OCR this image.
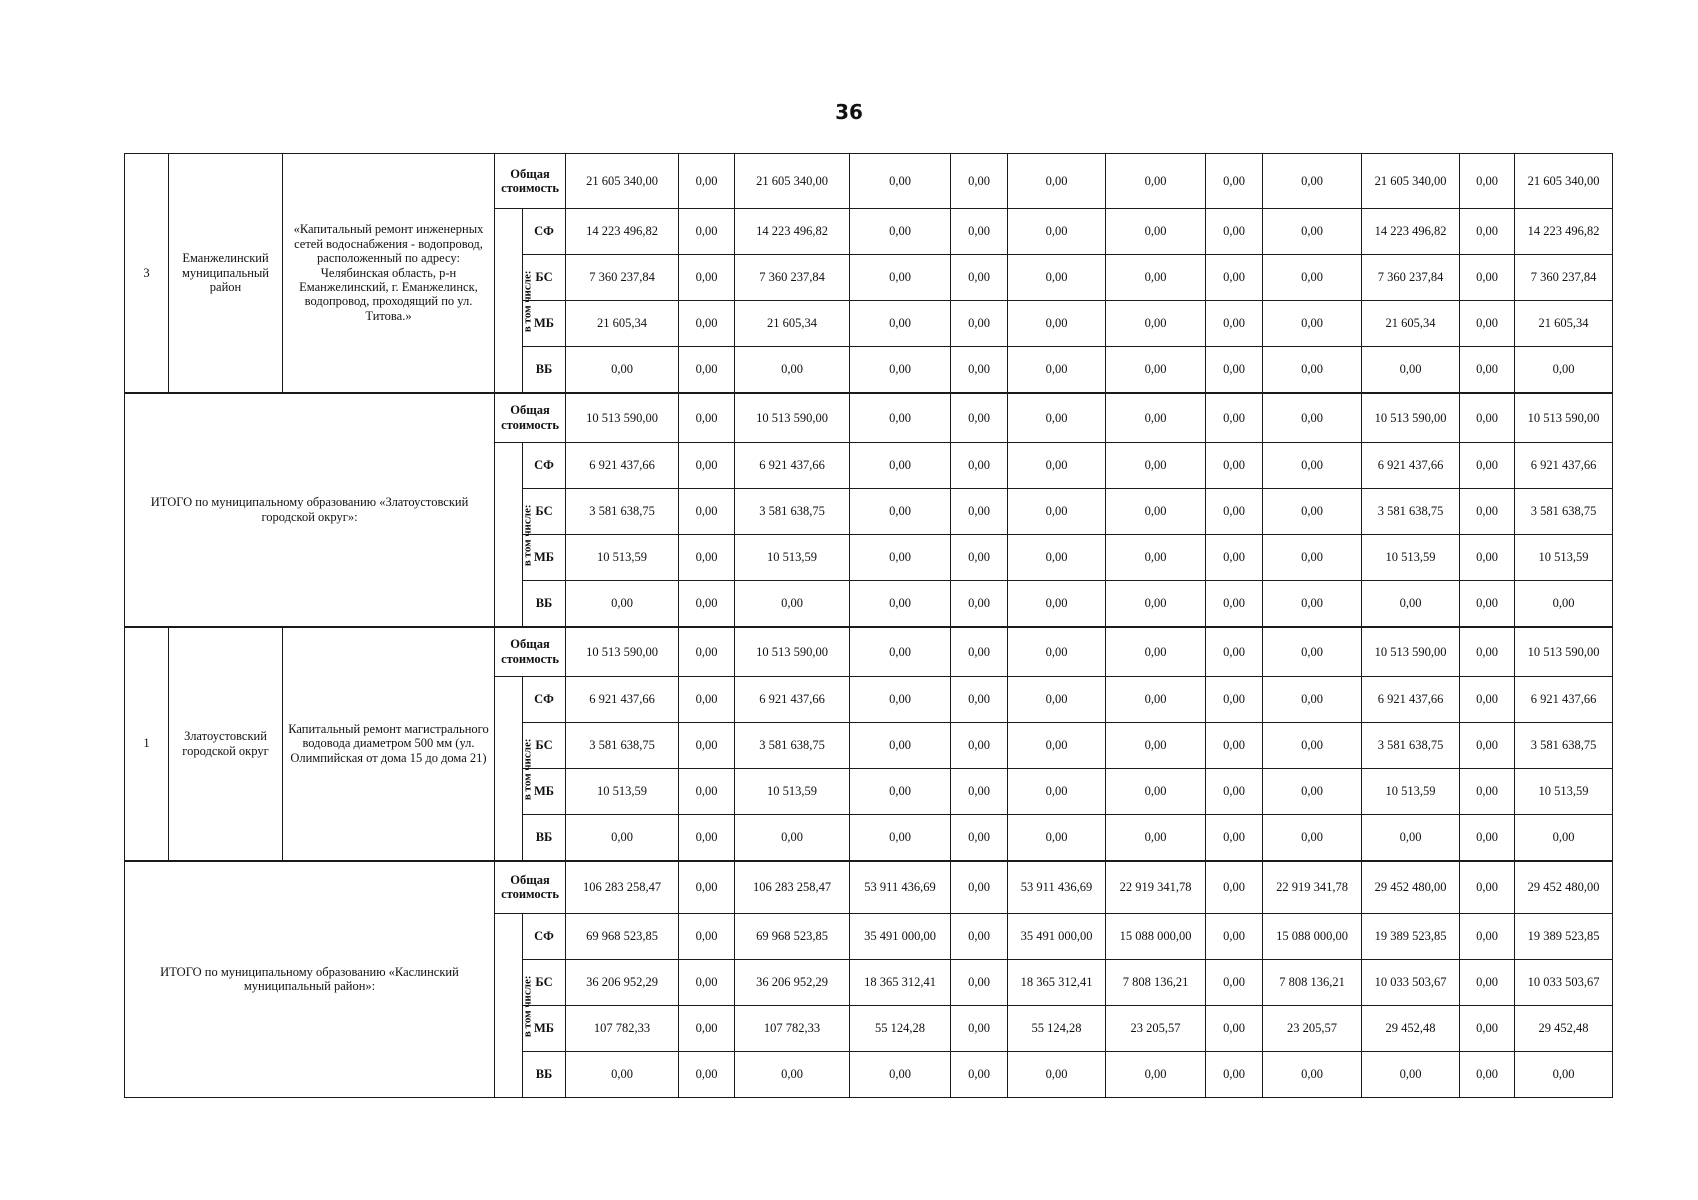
36
3	Еманжелинский муниципальный район	«Капитальный ремонт инженерных сетей водоснабжения - водопровод, расположенный по адресу: Челябинская область, р-н Еманжелинский, г. Еманжелинск, водопровод, проходящий по ул. Титова.»	Общая стоимость		21 605 340,00	0,00	21 605 340,00	0,00	0,00	0,00	0,00	0,00	0,00	21 605 340,00	0,00	21 605 340,00
			в том числе:	СФ	14 223 496,82	0,00	14 223 496,82	0,00	0,00	0,00	0,00	0,00	0,00	14 223 496,82	0,00	14 223 496,82
				БС	7 360 237,84	0,00	7 360 237,84	0,00	0,00	0,00	0,00	0,00	0,00	7 360 237,84	0,00	7 360 237,84
				МБ	21 605,34	0,00	21 605,34	0,00	0,00	0,00	0,00	0,00	0,00	21 605,34	0,00	21 605,34
				ВБ	0,00	0,00	0,00	0,00	0,00	0,00	0,00	0,00	0,00	0,00	0,00	0,00
ИТОГО по муниципальному образованию «Златоустовский городской округ»:			Общая стоимость		10 513 590,00	0,00	10 513 590,00	0,00	0,00	0,00	0,00	0,00	0,00	10 513 590,00	0,00	10 513 590,00
			в том числе:	СФ	6 921 437,66	0,00	6 921 437,66	0,00	0,00	0,00	0,00	0,00	0,00	6 921 437,66	0,00	6 921 437,66
				БС	3 581 638,75	0,00	3 581 638,75	0,00	0,00	0,00	0,00	0,00	0,00	3 581 638,75	0,00	3 581 638,75
				МБ	10 513,59	0,00	10 513,59	0,00	0,00	0,00	0,00	0,00	0,00	10 513,59	0,00	10 513,59
				ВБ	0,00	0,00	0,00	0,00	0,00	0,00	0,00	0,00	0,00	0,00	0,00	0,00
1	Златоустовский городской округ	Капитальный ремонт магистрального водовода диаметром 500 мм (ул. Олимпийская от дома 15 до дома 21)	Общая стоимость		10 513 590,00	0,00	10 513 590,00	0,00	0,00	0,00	0,00	0,00	0,00	10 513 590,00	0,00	10 513 590,00
			в том числе:	СФ	6 921 437,66	0,00	6 921 437,66	0,00	0,00	0,00	0,00	0,00	0,00	6 921 437,66	0,00	6 921 437,66
				БС	3 581 638,75	0,00	3 581 638,75	0,00	0,00	0,00	0,00	0,00	0,00	3 581 638,75	0,00	3 581 638,75
				МБ	10 513,59	0,00	10 513,59	0,00	0,00	0,00	0,00	0,00	0,00	10 513,59	0,00	10 513,59
				ВБ	0,00	0,00	0,00	0,00	0,00	0,00	0,00	0,00	0,00	0,00	0,00	0,00
ИТОГО по муниципальному образованию «Каслинский муниципальный район»:			Общая стоимость		106 283 258,47	0,00	106 283 258,47	53 911 436,69	0,00	53 911 436,69	22 919 341,78	0,00	22 919 341,78	29 452 480,00	0,00	29 452 480,00
			в том числе:	СФ	69 968 523,85	0,00	69 968 523,85	35 491 000,00	0,00	35 491 000,00	15 088 000,00	0,00	15 088 000,00	19 389 523,85	0,00	19 389 523,85
				БС	36 206 952,29	0,00	36 206 952,29	18 365 312,41	0,00	18 365 312,41	7 808 136,21	0,00	7 808 136,21	10 033 503,67	0,00	10 033 503,67
				МБ	107 782,33	0,00	107 782,33	55 124,28	0,00	55 124,28	23 205,57	0,00	23 205,57	29 452,48	0,00	29 452,48
				ВБ	0,00	0,00	0,00	0,00	0,00	0,00	0,00	0,00	0,00	0,00	0,00	0,00
